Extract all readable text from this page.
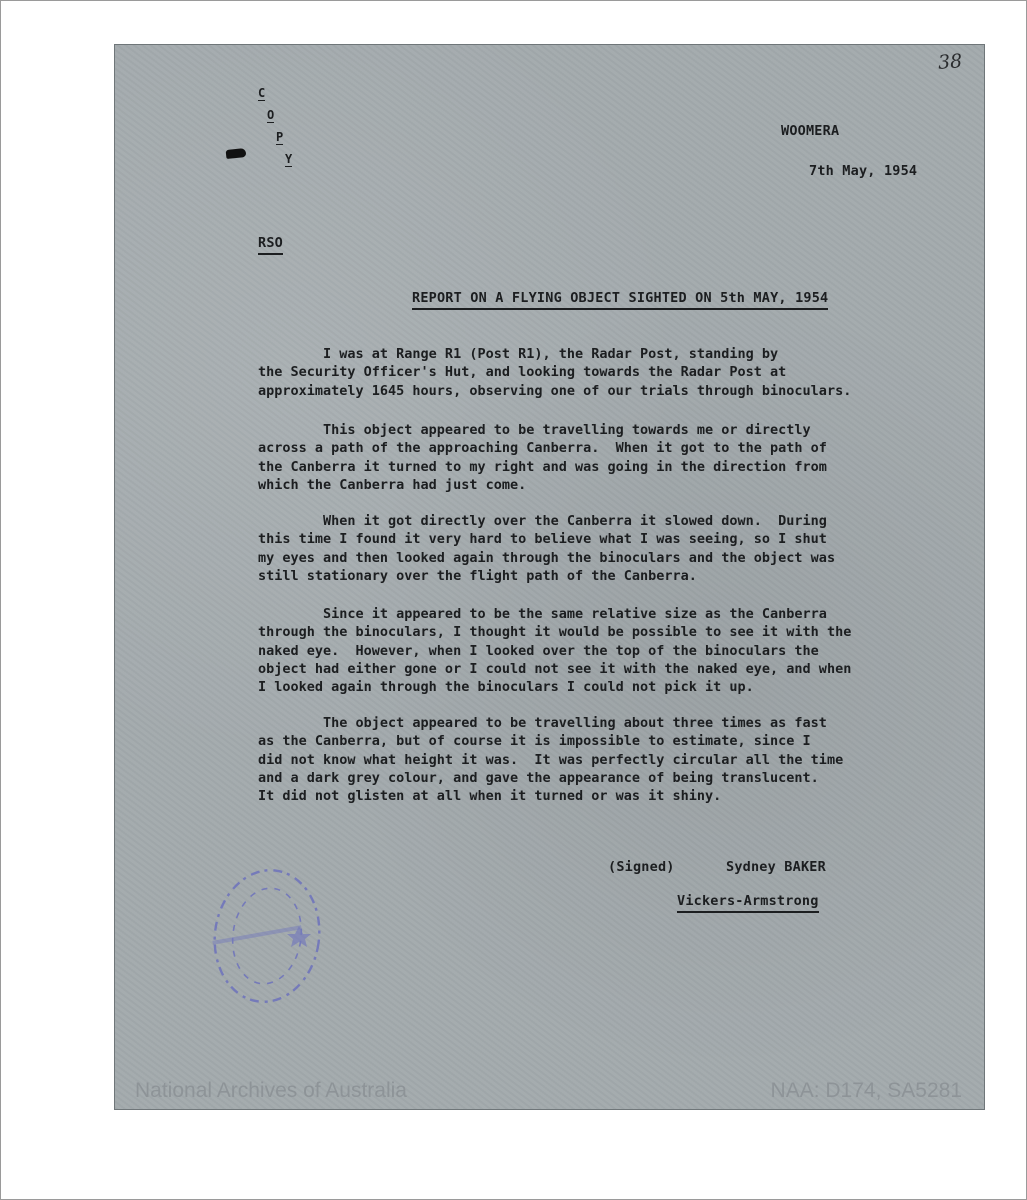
38
C
O
P
Y
WOOMERA
7th May, 1954
RSO
REPORT ON A FLYING OBJECT SIGHTED ON 5th MAY, 1954
I was at Range R1 (Post R1), the Radar Post, standing by
the Security Officer's Hut, and looking towards the Radar Post at
approximately 1645 hours, observing one of our trials through binoculars.
This object appeared to be travelling towards me or directly
across a path of the approaching Canberra.  When it got to the path of
the Canberra it turned to my right and was going in the direction from
which the Canberra had just come.
When it got directly over the Canberra it slowed down.  During
this time I found it very hard to believe what I was seeing, so I shut
my eyes and then looked again through the binoculars and the object was
still stationary over the flight path of the Canberra.
Since it appeared to be the same relative size as the Canberra
through the binoculars, I thought it would be possible to see it with the
naked eye.  However, when I looked over the top of the binoculars the
object had either gone or I could not see it with the naked eye, and when
I looked again through the binoculars I could not pick it up.
The object appeared to be travelling about three times as fast
as the Canberra, but of course it is impossible to estimate, since I
did not know what height it was.  It was perfectly circular all the time
and a dark grey colour, and gave the appearance of being translucent.
It did not glisten at all when it turned or was it shiny.
(Signed)	Sydney BAKER
Vickers-Armstrong
National Archives of Australia	NAA: D174, SA5281
